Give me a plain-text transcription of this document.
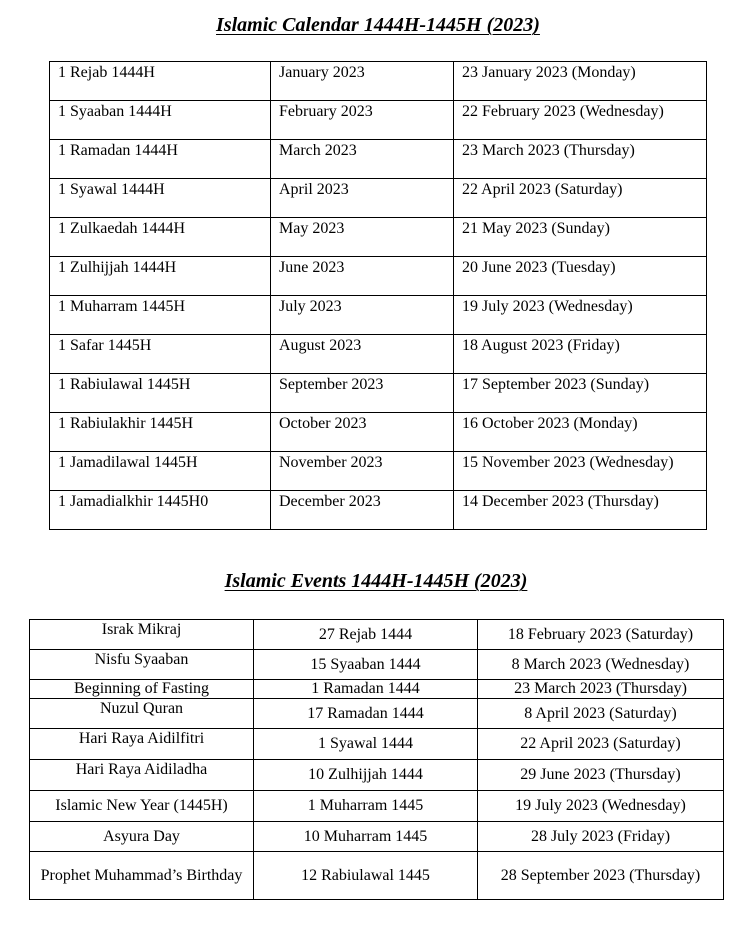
Islamic Calendar 1444H-1445H (2023)
1 Rejab 1444H	January 2023	23 January 2023 (Monday)
1 Syaaban 1444H	February 2023	22 February 2023 (Wednesday)
1 Ramadan 1444H	March 2023	23 March 2023 (Thursday)
1 Syawal 1444H	April 2023	22 April 2023 (Saturday)
1 Zulkaedah 1444H	May 2023	21 May 2023 (Sunday)
1 Zulhijjah 1444H	June 2023	20 June 2023 (Tuesday)
1 Muharram 1445H	July 2023	19 July 2023 (Wednesday)
1 Safar 1445H	August 2023	18 August 2023 (Friday)
1 Rabiulawal 1445H	September 2023	17 September 2023 (Sunday)
1 Rabiulakhir 1445H	October 2023	16 October 2023 (Monday)
1 Jamadilawal 1445H	November 2023	15 November 2023 (Wednesday)
1 Jamadialkhir 1445H0	December 2023	14 December 2023 (Thursday)
Islamic Events 1444H-1445H (2023)
Israk Mikraj	27 Rejab 1444	18 February 2023 (Saturday)
Nisfu Syaaban	15 Syaaban 1444	8 March 2023 (Wednesday)
Beginning of Fasting	1 Ramadan 1444	23 March 2023 (Thursday)
Nuzul Quran	17 Ramadan 1444	8 April 2023 (Saturday)
Hari Raya Aidilfitri	1 Syawal 1444	22 April 2023 (Saturday)
Hari Raya Aidiladha	10 Zulhijjah 1444	29 June 2023 (Thursday)
Islamic New Year (1445H)	1 Muharram 1445	19 July 2023 (Wednesday)
Asyura Day	10 Muharram 1445	28 July 2023 (Friday)
Prophet Muhammad’s Birthday	12 Rabiulawal 1445	28 September 2023 (Thursday)
